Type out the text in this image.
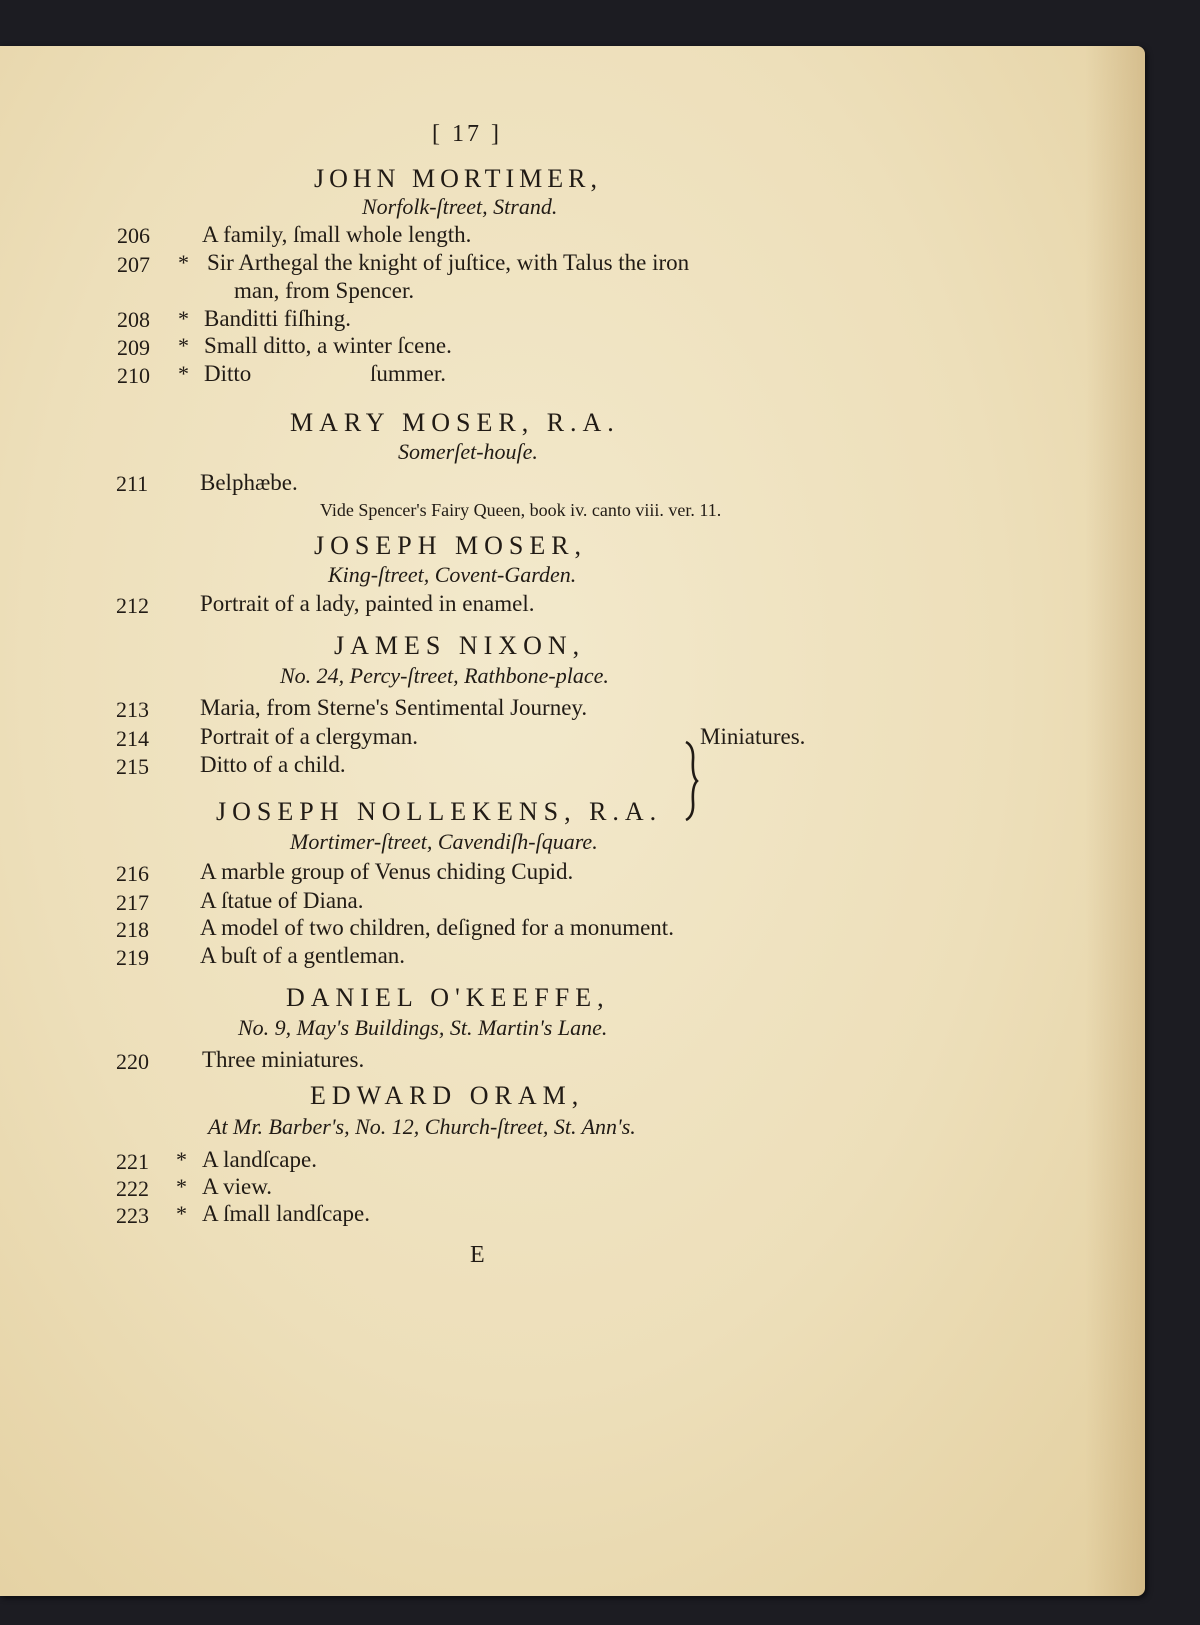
[ 17 ]
JOHN MORTIMER,
Norfolk-ſtreet, Strand.
206 A family, ſmall whole length.
207 * Sir Arthegal the knight of juſtice, with Talus the iron
man, from Spencer.
208 * Banditti fiſhing.
209 * Small ditto, a winter ſcene.
210 * Ditto	ſummer.
MARY MOSER, R.A.
Somerſet-houſe.
211 Belphæbe.
Vide Spencer's Fairy Queen, book iv. canto viii. ver. 11.
JOSEPH MOSER,
King-ſtreet, Covent-Garden.
212 Portrait of a lady, painted in enamel.
JAMES NIXON,
No. 24, Percy-ſtreet, Rathbone-place.
213 Maria, from Sterne's Sentimental Journey.
214 Portrait of a clergyman.
215 Ditto of a child.
Miniatures.
JOSEPH NOLLEKENS, R.A.
Mortimer-ſtreet, Cavendiſh-ſquare.
216 A marble group of Venus chiding Cupid.
217 A ſtatue of Diana.
218 A model of two children, deſigned for a monument.
219 A buſt of a gentleman.
DANIEL O'KEEFFE,
No. 9, May's Buildings, St. Martin's Lane.
220 Three miniatures.
EDWARD ORAM,
At Mr. Barber's, No. 12, Church-ſtreet, St. Ann's.
221 * A landſcape.
222 * A view.
223 * A ſmall landſcape.
E
